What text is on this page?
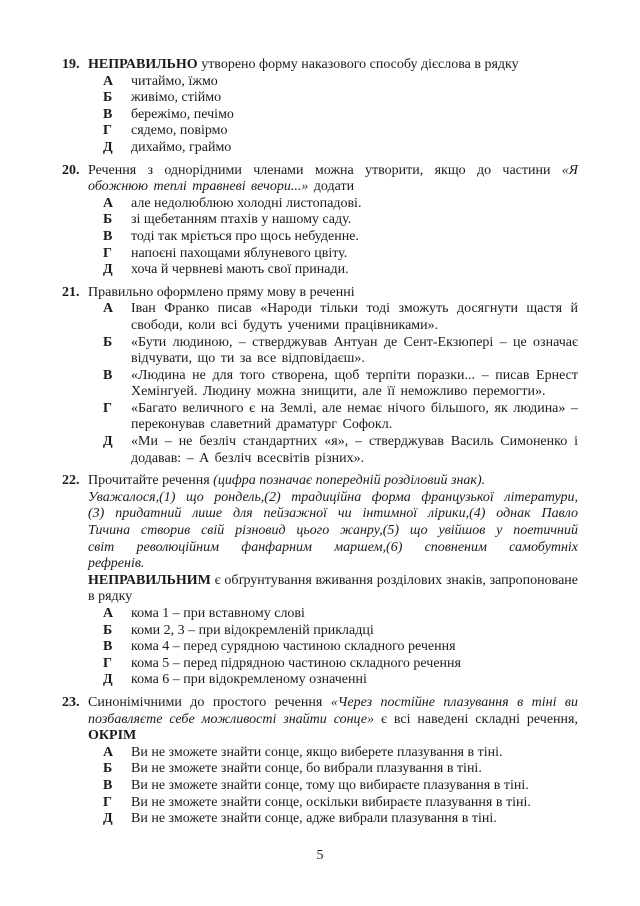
19. НЕПРАВИЛЬНО утворено форму наказового способу дієслова в рядку

А	читаймо, їжмо
Б	живімо, стіймо
В	бережімо, печімо
Г	сядемо, повірмо
Д	дихаймо, граймо
20. Речення з однорідними членами можна утворити, якщо до частини «Я обожнюю теплі травневі вечори...» додати

А	але недолюблюю холодні листопадові.
Б	зі щебетанням птахів у нашому саду.
В	тоді так мріється про щось небуденне.
Г	напоєні пахощами яблуневого цвіту.
Д	хоча й червневі мають свої принади.
21. Правильно оформлено пряму мову в реченні

А	Іван Франко писав «Народи тільки тоді зможуть досягнути щастя й свободи, коли всі будуть ученими працівниками».
Б	«Бути людиною, – стверджував Антуан де Сент-Екзюпері – це означає відчувати, що ти за все відповідаєш».
В	«Людина не для того створена, щоб терпіти поразки... – писав Ернест Хемінгуей. Людину можна знищити, але її неможливо перемогти».
Г	«Багато величного є на Землі, але немає нічого більшого, як людина» – переконував славетний драматург Софокл.
Д	«Ми – не безліч стандартних «я», – стверджував Василь Симоненко і додавав: – А безліч всесвітів різних».
22. Прочитайте речення (цифра позначає попередній розділовий знак).

Уважалося,(1) що рондель,(2) традиційна форма французької літератури,(3) придатний лише для пейзажної чи інтимної лірики,(4) однак Павло Тичина створив свій різновид цього жанру,(5) що увійшов у поетичний світ революційним фанфарним маршем,(6) сповненим самобутніх рефренів.

НЕПРАВИЛЬНИМ є обґрунтування вживання розділових знаків, запропоноване в рядку

А	кома 1 – при вставному слові
Б	коми 2, 3 – при відокремленій прикладці
В	кома 4 – перед сурядною частиною складного речення
Г	кома 5 – перед підрядною частиною складного речення
Д	кома 6 – при відокремленому означенні
23. Синонімічними до простого речення «Через постійне плазування в тіні ви позбавляєте себе можливості знайти сонце» є всі наведені складні речення, ОКРІМ

А	Ви не зможете знайти сонце, якщо виберете плазування в тіні.
Б	Ви не зможете знайти сонце, бо вибрали плазування в тіні.
В	Ви не зможете знайти сонце, тому що вибираєте плазування в тіні.
Г	Ви не зможете знайти сонце, оскільки вибираєте плазування в тіні.
Д	Ви не зможете знайти сонце, адже вибрали плазування в тіні.
5
